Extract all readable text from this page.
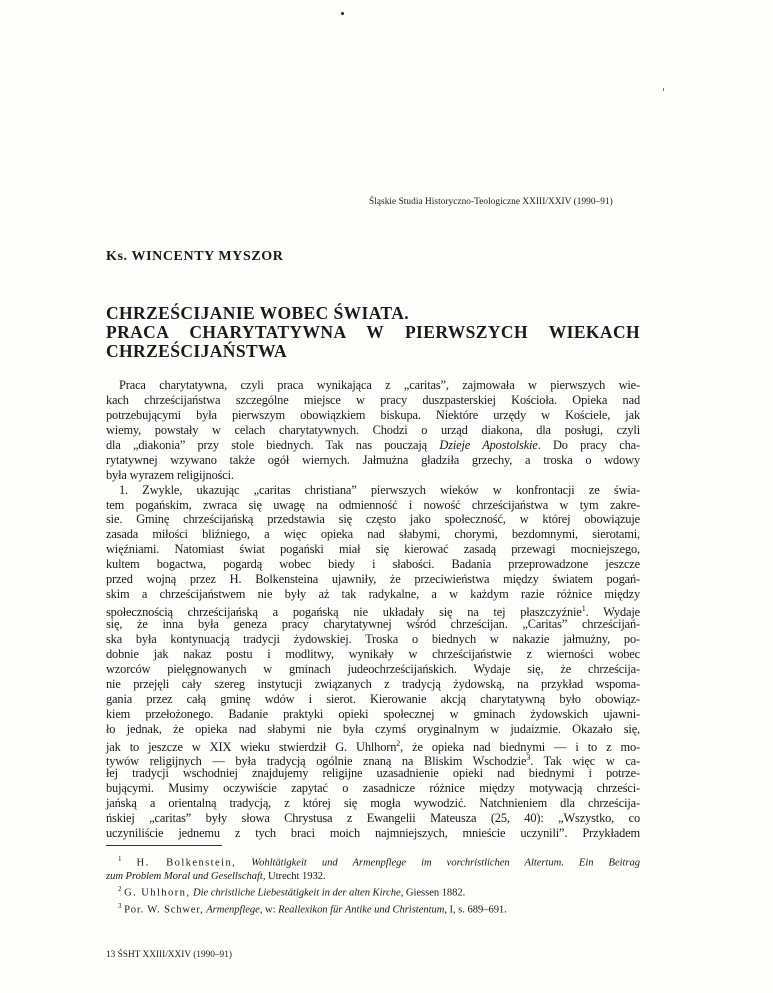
Śląskie Studia Historyczno-Teologiczne XXIII/XXIV (1990–91)
Ks. WINCENTY MYSZOR
CHRZEŚCIJANIE WOBEC ŚWIATA.
PRACA CHARYTATYWNA W PIERWSZYCH WIEKACH
CHRZEŚCIJAŃSTWA
Praca charytatywna, czyli praca wynikająca z „caritas”, zajmowała w pierwszych wie-
kach chrześcijaństwa szczególne miejsce w pracy duszpasterskiej Kościoła. Opieka nad
potrzebującymi była pierwszym obowiązkiem biskupa. Niektóre urzędy w Kościele, jak
wiemy, powstały w celach charytatywnych. Chodzi o urząd diakona, dla posługi, czyli
dla „diakonia” przy stole biednych. Tak nas pouczają Dzieje Apostolskie. Do pracy cha-
rytatywnej wzywano także ogół wiernych. Jałmużna gładziła grzechy, a troska o wdowy
była wyrazem religijności.
1. Zwykle, ukazując „caritas christiana” pierwszych wieków w konfrontacji ze świa-
tem pogańskim, zwraca się uwagę na odmienność i nowość chrześcijaństwa w tym zakre-
sie. Gminę chrześcijańską przedstawia się często jako społeczność, w której obowiązuje
zasada miłości bliźniego, a więc opieka nad słabymi, chorymi, bezdomnymi, sierotami,
więźniami. Natomiast świat pogański miał się kierować zasadą przewagi mocniejszego,
kultem bogactwa, pogardą wobec biedy i słabości. Badania przeprowadzone jeszcze
przed wojną przez H. Bolkensteina ujawniły, że przeciwieństwa między światem pogań-
skim a chrześcijaństwem nie były aż tak radykalne, a w każdym razie różnice między
społecznością chrześcijańską a pogańską nie układały się na tej płaszczyźnie$^1$. Wydaje
się, że inna była geneza pracy charytatywnej wśród chrześcijan. „Caritas” chrześcijań-
ska była kontynuacją tradycji żydowskiej. Troska o biednych w nakazie jałmużny, po-
dobnie jak nakaz postu i modlitwy, wynikały w chrześcijaństwie z wierności wobec
wzorców pielęgnowanych w gminach judeochrześcijańskich. Wydaje się, że chrześcija-
nie przejęli cały szereg instytucji związanych z tradycją żydowską, na przykład wspoma-
gania przez całą gminę wdów i sierot. Kierowanie akcją charytatywną było obowiąz-
kiem przełożonego. Badanie praktyki opieki społecznej w gminach żydowskich ujawni-
ło jednak, że opieka nad słabymi nie była czymś oryginalnym w judaizmie. Okazało się,
jak to jeszcze w XIX wieku stwierdził G. Uhlhorn$^2$, że opieka nad biednymi — i to z mo-
tywów religijnych — była tradycją ogólnie znaną na Bliskim Wschodzie$^3$. Tak więc w ca-
łej tradycji wschodniej znajdujemy religijne uzasadnienie opieki nad biednymi i potrze-
bującymi. Musimy oczywiście zapytać o zasadnicze różnice między motywacją chrześci-
jańską a orientalną tradycją, z której się mogła wywodzić. Natchnieniem dla chrześcija-
ńskiej „caritas” były słowa Chrystusa z Ewangelii Mateusza (25, 40): „Wszystko, co
uczyniliście jednemu z tych braci moich najmniejszych, mnieście uczynili”. Przykładem
$^1$ H. Bolkenstein, Wohltätigkeit und Armenpflege im vorchristlichen Altertum. Ein Beitrag
zum Problem Moral und Gesellschaft, Utrecht 1932.
$^2$ G. Uhlhorn, Die christliche Liebestätigkeit in der alten Kirche, Giessen 1882.
$^3$ Por. W. Schwer, Armenpflege, w: Reallexikon für Antike und Christentum, I, s. 689–691.
13 ŚSHT XXIII/XXIV (1990–91)
